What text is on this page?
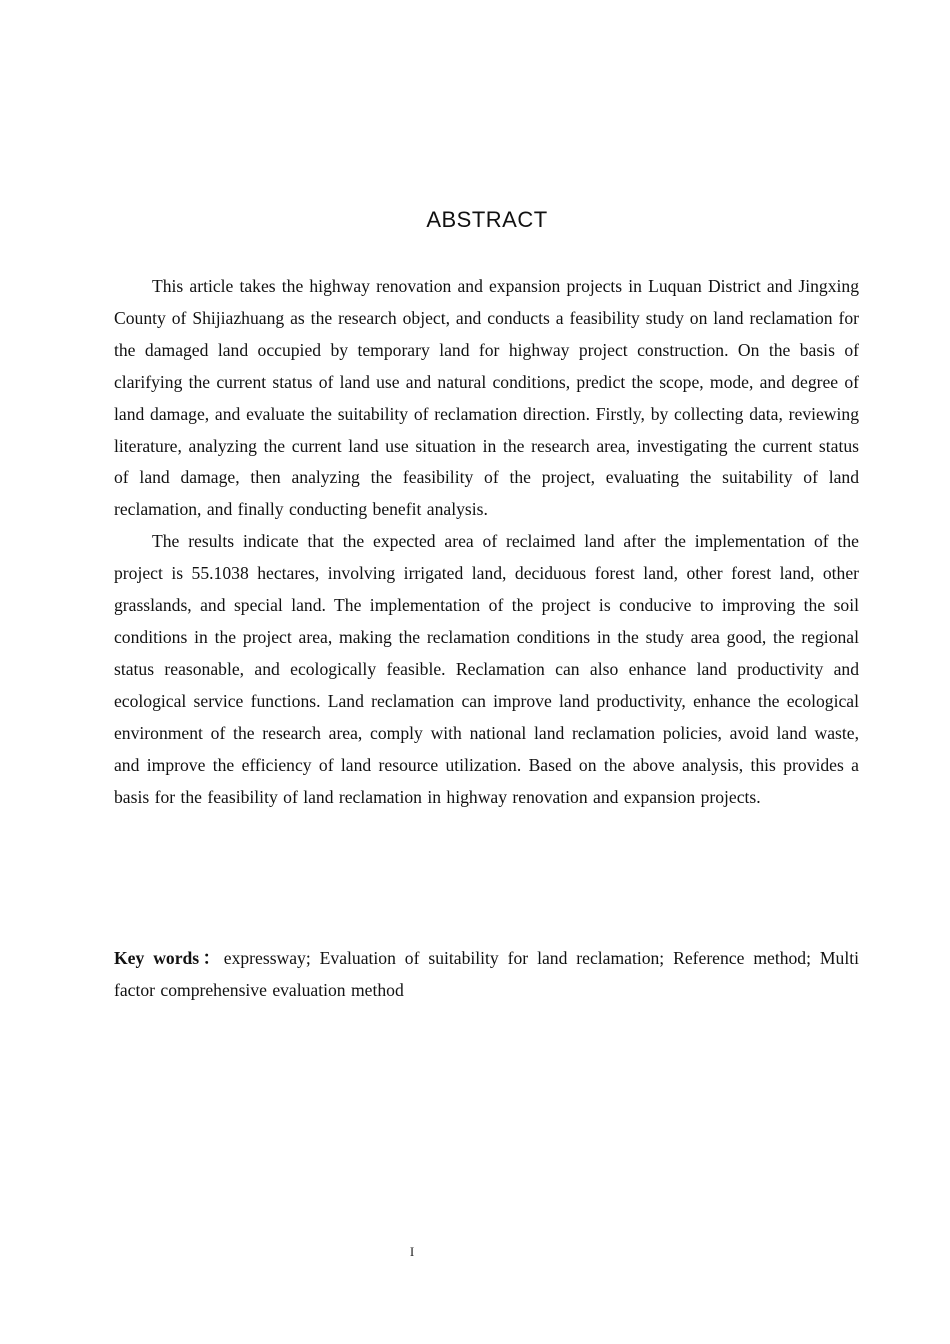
ABSTRACT

This article takes the highway renovation and expansion projects in Luquan District and Jingxing County of Shijiazhuang as the research object, and conducts a feasibility study on land reclamation for the damaged land occupied by temporary land for highway project construction. On the basis of clarifying the current status of land use and natural conditions, predict the scope, mode, and degree of land damage, and evaluate the suitability of reclamation direction. Firstly, by collecting data, reviewing literature, analyzing the current land use situation in the research area, investigating the current status of land damage, then analyzing the feasibility of the project, evaluating the suitability of land reclamation, and finally conducting benefit analysis.

The results indicate that the expected area of reclaimed land after the implementation of the project is 55.1038 hectares, involving irrigated land, deciduous forest land, other forest land, other grasslands, and special land. The implementation of the project is conducive to improving the soil conditions in the project area, making the reclamation conditions in the study area good, the regional status reasonable, and ecologically feasible. Reclamation can also enhance land productivity and ecological service functions. Land reclamation can improve land productivity, enhance the ecological environment of the research area, comply with national land reclamation policies, avoid land waste, and improve the efficiency of land resource utilization. Based on the above analysis, this provides a basis for the feasibility of land reclamation in highway renovation and expansion projects.

Key words：expressway; Evaluation of suitability for land reclamation; Reference method; Multi factor comprehensive evaluation method

I
